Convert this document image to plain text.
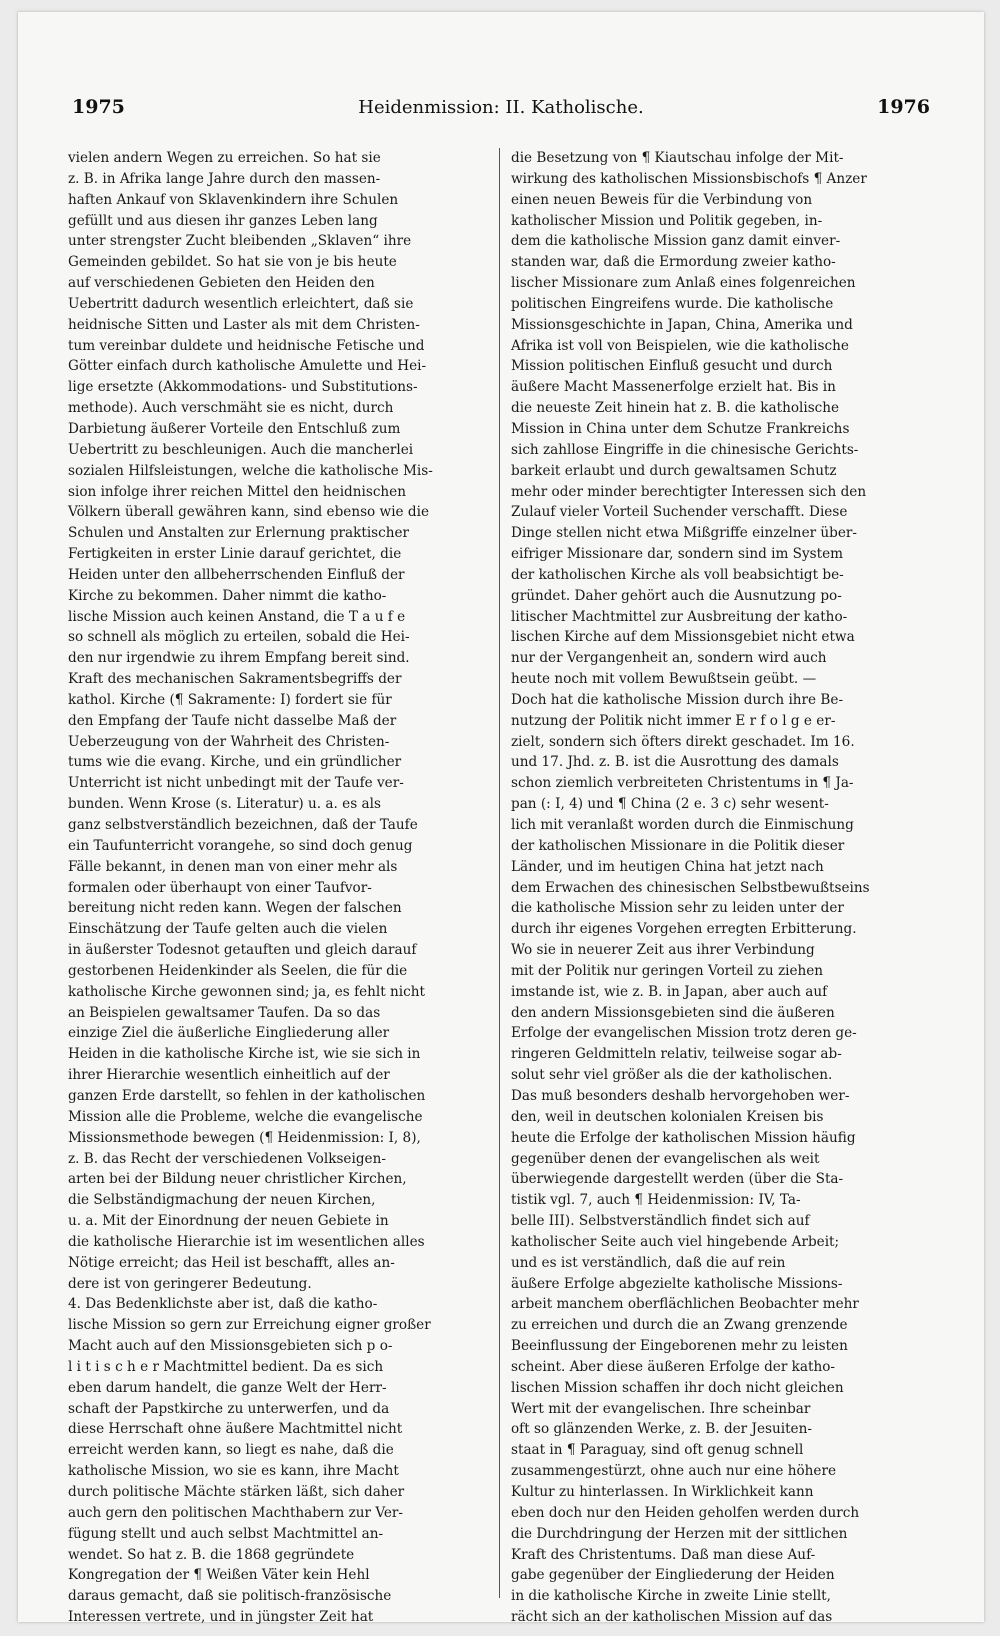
1975	Heidenmission: II. Katholische.	1976
vielen andern Wegen zu erreichen. So hat sie
z. B. in Afrika lange Jahre durch den massen-
haften Ankauf von Sklavenkindern ihre Schulen
gefüllt und aus diesen ihr ganzes Leben lang
unter strengster Zucht bleibenden „Sklaven“ ihre
Gemeinden gebildet. So hat sie von je bis heute
auf verschiedenen Gebieten den Heiden den
Uebertritt dadurch wesentlich erleichtert, daß sie
heidnische Sitten und Laster als mit dem Christen-
tum vereinbar duldete und heidnische Fetische und
Götter einfach durch katholische Amulette und Hei-
lige ersetzte (Akkommodations- und Substitutions-
methode). Auch verschmäht sie es nicht, durch
Darbietung äußerer Vorteile den Entschluß zum
Uebertritt zu beschleunigen. Auch die mancherlei
sozialen Hilfsleistungen, welche die katholische Mis-
sion infolge ihrer reichen Mittel den heidnischen
Völkern überall gewähren kann, sind ebenso wie die
Schulen und Anstalten zur Erlernung praktischer
Fertigkeiten in erster Linie darauf gerichtet, die
Heiden unter den allbeherrschenden Einfluß der
Kirche zu bekommen. Daher nimmt die katho-
lische Mission auch keinen Anstand, die T a u f e
so schnell als möglich zu erteilen, sobald die Hei-
den nur irgendwie zu ihrem Empfang bereit sind.
Kraft des mechanischen Sakramentsbegriffs der
kathol. Kirche (¶ Sakramente: I) fordert sie für
den Empfang der Taufe nicht dasselbe Maß der
Ueberzeugung von der Wahrheit des Christen-
tums wie die evang. Kirche, und ein gründlicher
Unterricht ist nicht unbedingt mit der Taufe ver-
bunden. Wenn Krose (s. Literatur) u. a. es als
ganz selbstverständlich bezeichnen, daß der Taufe
ein Taufunterricht vorangehe, so sind doch genug
Fälle bekannt, in denen man von einer mehr als
formalen oder überhaupt von einer Taufvor-
bereitung nicht reden kann. Wegen der falschen
Einschätzung der Taufe gelten auch die vielen
in äußerster Todesnot getauften und gleich darauf
gestorbenen Heidenkinder als Seelen, die für die
katholische Kirche gewonnen sind; ja, es fehlt nicht
an Beispielen gewaltsamer Taufen. Da so das
einzige Ziel die äußerliche Eingliederung aller
Heiden in die katholische Kirche ist, wie sie sich in
ihrer Hierarchie wesentlich einheitlich auf der
ganzen Erde darstellt, so fehlen in der katholischen
Mission alle die Probleme, welche die evangelische
Missionsmethode bewegen (¶ Heidenmission: I, 8),
z. B. das Recht der verschiedenen Volkseigen-
arten bei der Bildung neuer christlicher Kirchen,
die Selbständigmachung der neuen Kirchen,
u. a. Mit der Einordnung der neuen Gebiete in
die katholische Hierarchie ist im wesentlichen alles
Nötige erreicht; das Heil ist beschafft, alles an-
dere ist von geringerer Bedeutung.
4. Das Bedenklichste aber ist, daß die katho-
lische Mission so gern zur Erreichung eigner großer
Macht auch auf den Missionsgebieten sich p o-
l i t i s c h e r Machtmittel bedient. Da es sich
eben darum handelt, die ganze Welt der Herr-
schaft der Papstkirche zu unterwerfen, und da
diese Herrschaft ohne äußere Machtmittel nicht
erreicht werden kann, so liegt es nahe, daß die
katholische Mission, wo sie es kann, ihre Macht
durch politische Mächte stärken läßt, sich daher
auch gern den politischen Machthabern zur Ver-
fügung stellt und auch selbst Machtmittel an-
wendet. So hat z. B. die 1868 gegründete
Kongregation der ¶ Weißen Väter kein Hehl
daraus gemacht, daß sie politisch-französische
Interessen vertrete, und in jüngster Zeit hat
die Besetzung von ¶ Kiautschau infolge der Mit-
wirkung des katholischen Missionsbischofs ¶ Anzer
einen neuen Beweis für die Verbindung von
katholischer Mission und Politik gegeben, in-
dem die katholische Mission ganz damit einver-
standen war, daß die Ermordung zweier katho-
lischer Missionare zum Anlaß eines folgenreichen
politischen Eingreifens wurde. Die katholische
Missionsgeschichte in Japan, China, Amerika und
Afrika ist voll von Beispielen, wie die katholische
Mission politischen Einfluß gesucht und durch
äußere Macht Massenerfolge erzielt hat. Bis in
die neueste Zeit hinein hat z. B. die katholische
Mission in China unter dem Schutze Frankreichs
sich zahllose Eingriffe in die chinesische Gerichts-
barkeit erlaubt und durch gewaltsamen Schutz
mehr oder minder berechtigter Interessen sich den
Zulauf vieler Vorteil Suchender verschafft. Diese
Dinge stellen nicht etwa Mißgriffe einzelner über-
eifriger Missionare dar, sondern sind im System
der katholischen Kirche als voll beabsichtigt be-
gründet. Daher gehört auch die Ausnutzung po-
litischer Machtmittel zur Ausbreitung der katho-
lischen Kirche auf dem Missionsgebiet nicht etwa
nur der Vergangenheit an, sondern wird auch
heute noch mit vollem Bewußtsein geübt. —
Doch hat die katholische Mission durch ihre Be-
nutzung der Politik nicht immer E r f o l g e er-
zielt, sondern sich öfters direkt geschadet. Im 16.
und 17. Jhd. z. B. ist die Ausrottung des damals
schon ziemlich verbreiteten Christentums in ¶ Ja-
pan (: I, 4) und ¶ China (2 e. 3 c) sehr wesent-
lich mit veranlaßt worden durch die Einmischung
der katholischen Missionare in die Politik dieser
Länder, und im heutigen China hat jetzt nach
dem Erwachen des chinesischen Selbstbewußtseins
die katholische Mission sehr zu leiden unter der
durch ihr eigenes Vorgehen erregten Erbitterung.
Wo sie in neuerer Zeit aus ihrer Verbindung
mit der Politik nur geringen Vorteil zu ziehen
imstande ist, wie z. B. in Japan, aber auch auf
den andern Missionsgebieten sind die äußeren
Erfolge der evangelischen Mission trotz deren ge-
ringeren Geldmitteln relativ, teilweise sogar ab-
solut sehr viel größer als die der katholischen.
Das muß besonders deshalb hervorgehoben wer-
den, weil in deutschen kolonialen Kreisen bis
heute die Erfolge der katholischen Mission häufig
gegenüber denen der evangelischen als weit
überwiegende dargestellt werden (über die Sta-
tistik vgl. 7, auch ¶ Heidenmission: IV, Ta-
belle III). Selbstverständlich findet sich auf
katholischer Seite auch viel hingebende Arbeit;
und es ist verständlich, daß die auf rein
äußere Erfolge abgezielte katholische Missions-
arbeit manchem oberflächlichen Beobachter mehr
zu erreichen und durch die an Zwang grenzende
Beeinflussung der Eingeborenen mehr zu leisten
scheint. Aber diese äußeren Erfolge der katho-
lischen Mission schaffen ihr doch nicht gleichen
Wert mit der evangelischen. Ihre scheinbar
oft so glänzenden Werke, z. B. der Jesuiten-
staat in ¶ Paraguay, sind oft genug schnell
zusammengestürzt, ohne auch nur eine höhere
Kultur zu hinterlassen. In Wirklichkeit kann
eben doch nur den Heiden geholfen werden durch
die Durchdringung der Herzen mit der sittlichen
Kraft des Christentums. Daß man diese Auf-
gabe gegenüber der Eingliederung der Heiden
in die katholische Kirche in zweite Linie stellt,
rächt sich an der katholischen Mission auf das
